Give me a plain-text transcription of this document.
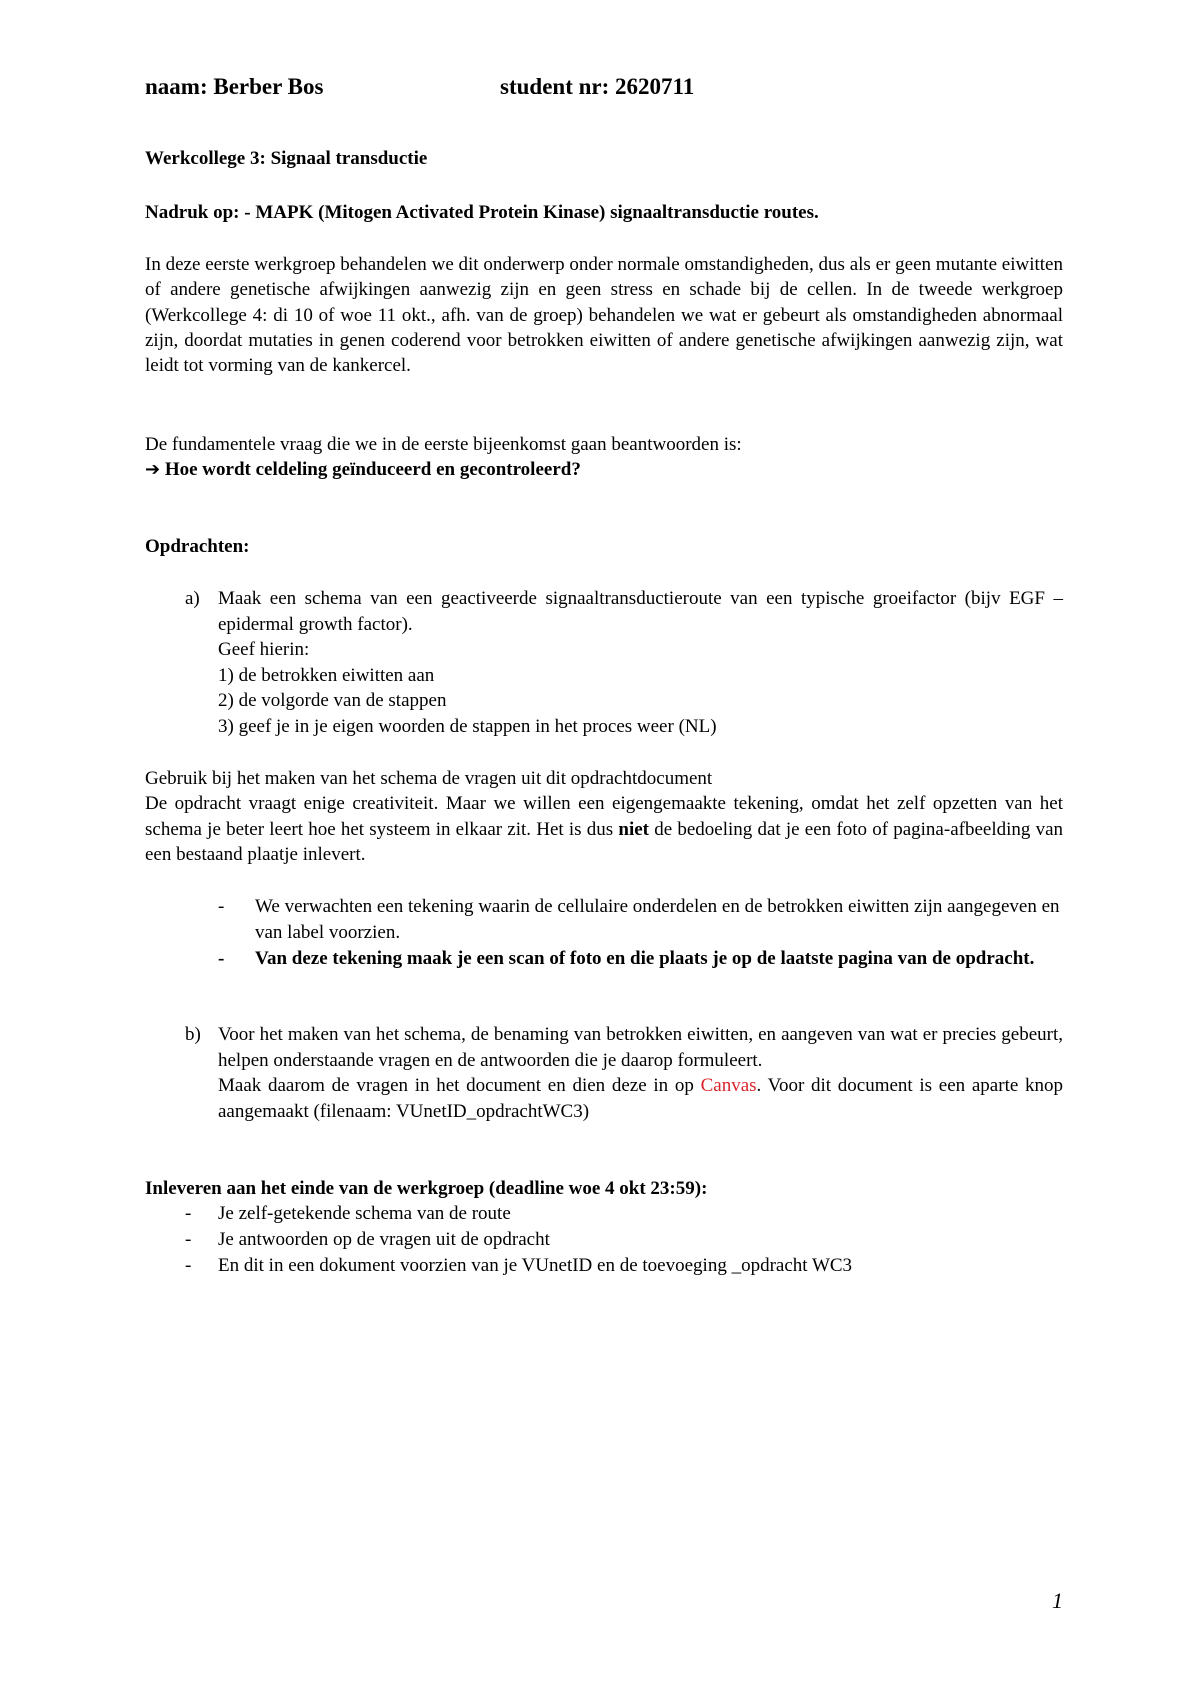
naam: Berber Bos	student nr: 2620711

Werkcollege 3: Signaal transductie

Nadruk op: - MAPK (Mitogen Activated Protein Kinase) signaaltransductie routes.

In deze eerste werkgroep behandelen we dit onderwerp onder normale omstandigheden, dus als er geen mutante eiwitten of andere genetische afwijkingen aanwezig zijn en geen stress en schade bij de cellen. In de tweede werkgroep (Werkcollege 4: di 10 of woe 11 okt., afh. van de groep) behandelen we wat er gebeurt als omstandigheden abnormaal zijn, doordat mutaties in genen coderend voor betrokken eiwitten of andere genetische afwijkingen aanwezig zijn, wat leidt tot vorming van de kankercel.

De fundamentele vraag die we in de eerste bijeenkomst gaan beantwoorden is:

➔ Hoe wordt celdeling geïnduceerd en gecontroleerd?

Opdrachten:

a) Maak een schema van een geactiveerde signaaltransductieroute van een typische groeifactor (bijv EGF – epidermal growth factor).

Geef hierin:

1) de betrokken eiwitten aan

2) de volgorde van de stappen

3) geef je in je eigen woorden de stappen in het proces weer (NL)

Gebruik bij het maken van het schema de vragen uit dit opdrachtdocument

De opdracht vraagt enige creativiteit. Maar we willen een eigengemaakte tekening, omdat het zelf opzetten van het schema je beter leert hoe het systeem in elkaar zit. Het is dus niet de bedoeling dat je een foto of pagina-afbeelding van een bestaand plaatje inlevert.

- We verwachten een tekening waarin de cellulaire onderdelen en de betrokken eiwitten zijn aangegeven en van label voorzien.

- Van deze tekening maak je een scan of foto en die plaats je op de laatste pagina van de opdracht.

b) Voor het maken van het schema, de benaming van betrokken eiwitten, en aangeven van wat er precies gebeurt, helpen onderstaande vragen en de antwoorden die je daarop formuleert.

Maak daarom de vragen in het document en dien deze in op Canvas. Voor dit document is een aparte knop aangemaakt (filenaam: VUnetID_opdrachtWC3)

Inleveren aan het einde van de werkgroep (deadline woe 4 okt 23:59):

- Je zelf-getekende schema van de route

- Je antwoorden op de vragen uit de opdracht

- En dit in een dokument voorzien van je VUnetID en de toevoeging _opdracht WC3

1
